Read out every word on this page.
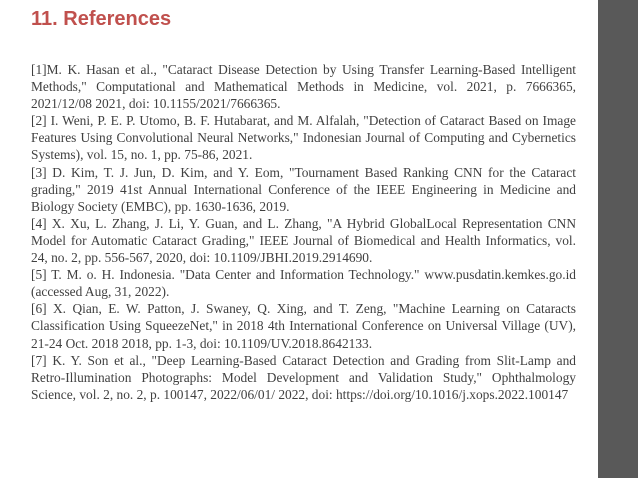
11. References

[1]M. K. Hasan et al., "Cataract Disease Detection by Using Transfer Learning-Based Intelligent Methods," Computational and Mathematical Methods in Medicine, vol. 2021, p. 7666365, 2021/12/08 2021, doi: 10.1155/2021/7666365.

[2] I. Weni, P. E. P. Utomo, B. F. Hutabarat, and M. Alfalah, "Detection of Cataract Based on Image Features Using Convolutional Neural Networks," Indonesian Journal of Computing and Cybernetics Systems), vol. 15, no. 1, pp. 75-86, 2021.

[3] D. Kim, T. J. Jun, D. Kim, and Y. Eom, "Tournament Based Ranking CNN for the Cataract grading," 2019 41st Annual International Conference of the IEEE Engineering in Medicine and Biology Society (EMBC), pp. 1630-1636, 2019.

[4] X. Xu, L. Zhang, J. Li, Y. Guan, and L. Zhang, "A Hybrid GlobalLocal Representation CNN Model for Automatic Cataract Grading," IEEE Journal of Biomedical and Health Informatics, vol. 24, no. 2, pp. 556-567, 2020, doi: 10.1109/JBHI.2019.2914690.

[5] T. M. o. H. Indonesia. "Data Center and Information Technology." www.pusdatin.kemkes.go.id (accessed Aug, 31, 2022).

[6] X. Qian, E. W. Patton, J. Swaney, Q. Xing, and T. Zeng, "Machine Learning on Cataracts Classification Using SqueezeNet," in 2018 4th International Conference on Universal Village (UV), 21-24 Oct. 2018 2018, pp. 1-3, doi: 10.1109/UV.2018.8642133.

[7] K. Y. Son et al., "Deep Learning-Based Cataract Detection and Grading from Slit-Lamp and Retro-Illumination Photographs: Model Development and Validation Study," Ophthalmology Science, vol. 2, no. 2, p. 100147, 2022/06/01/ 2022, doi: https://doi.org/10.1016/j.xops.2022.100147
